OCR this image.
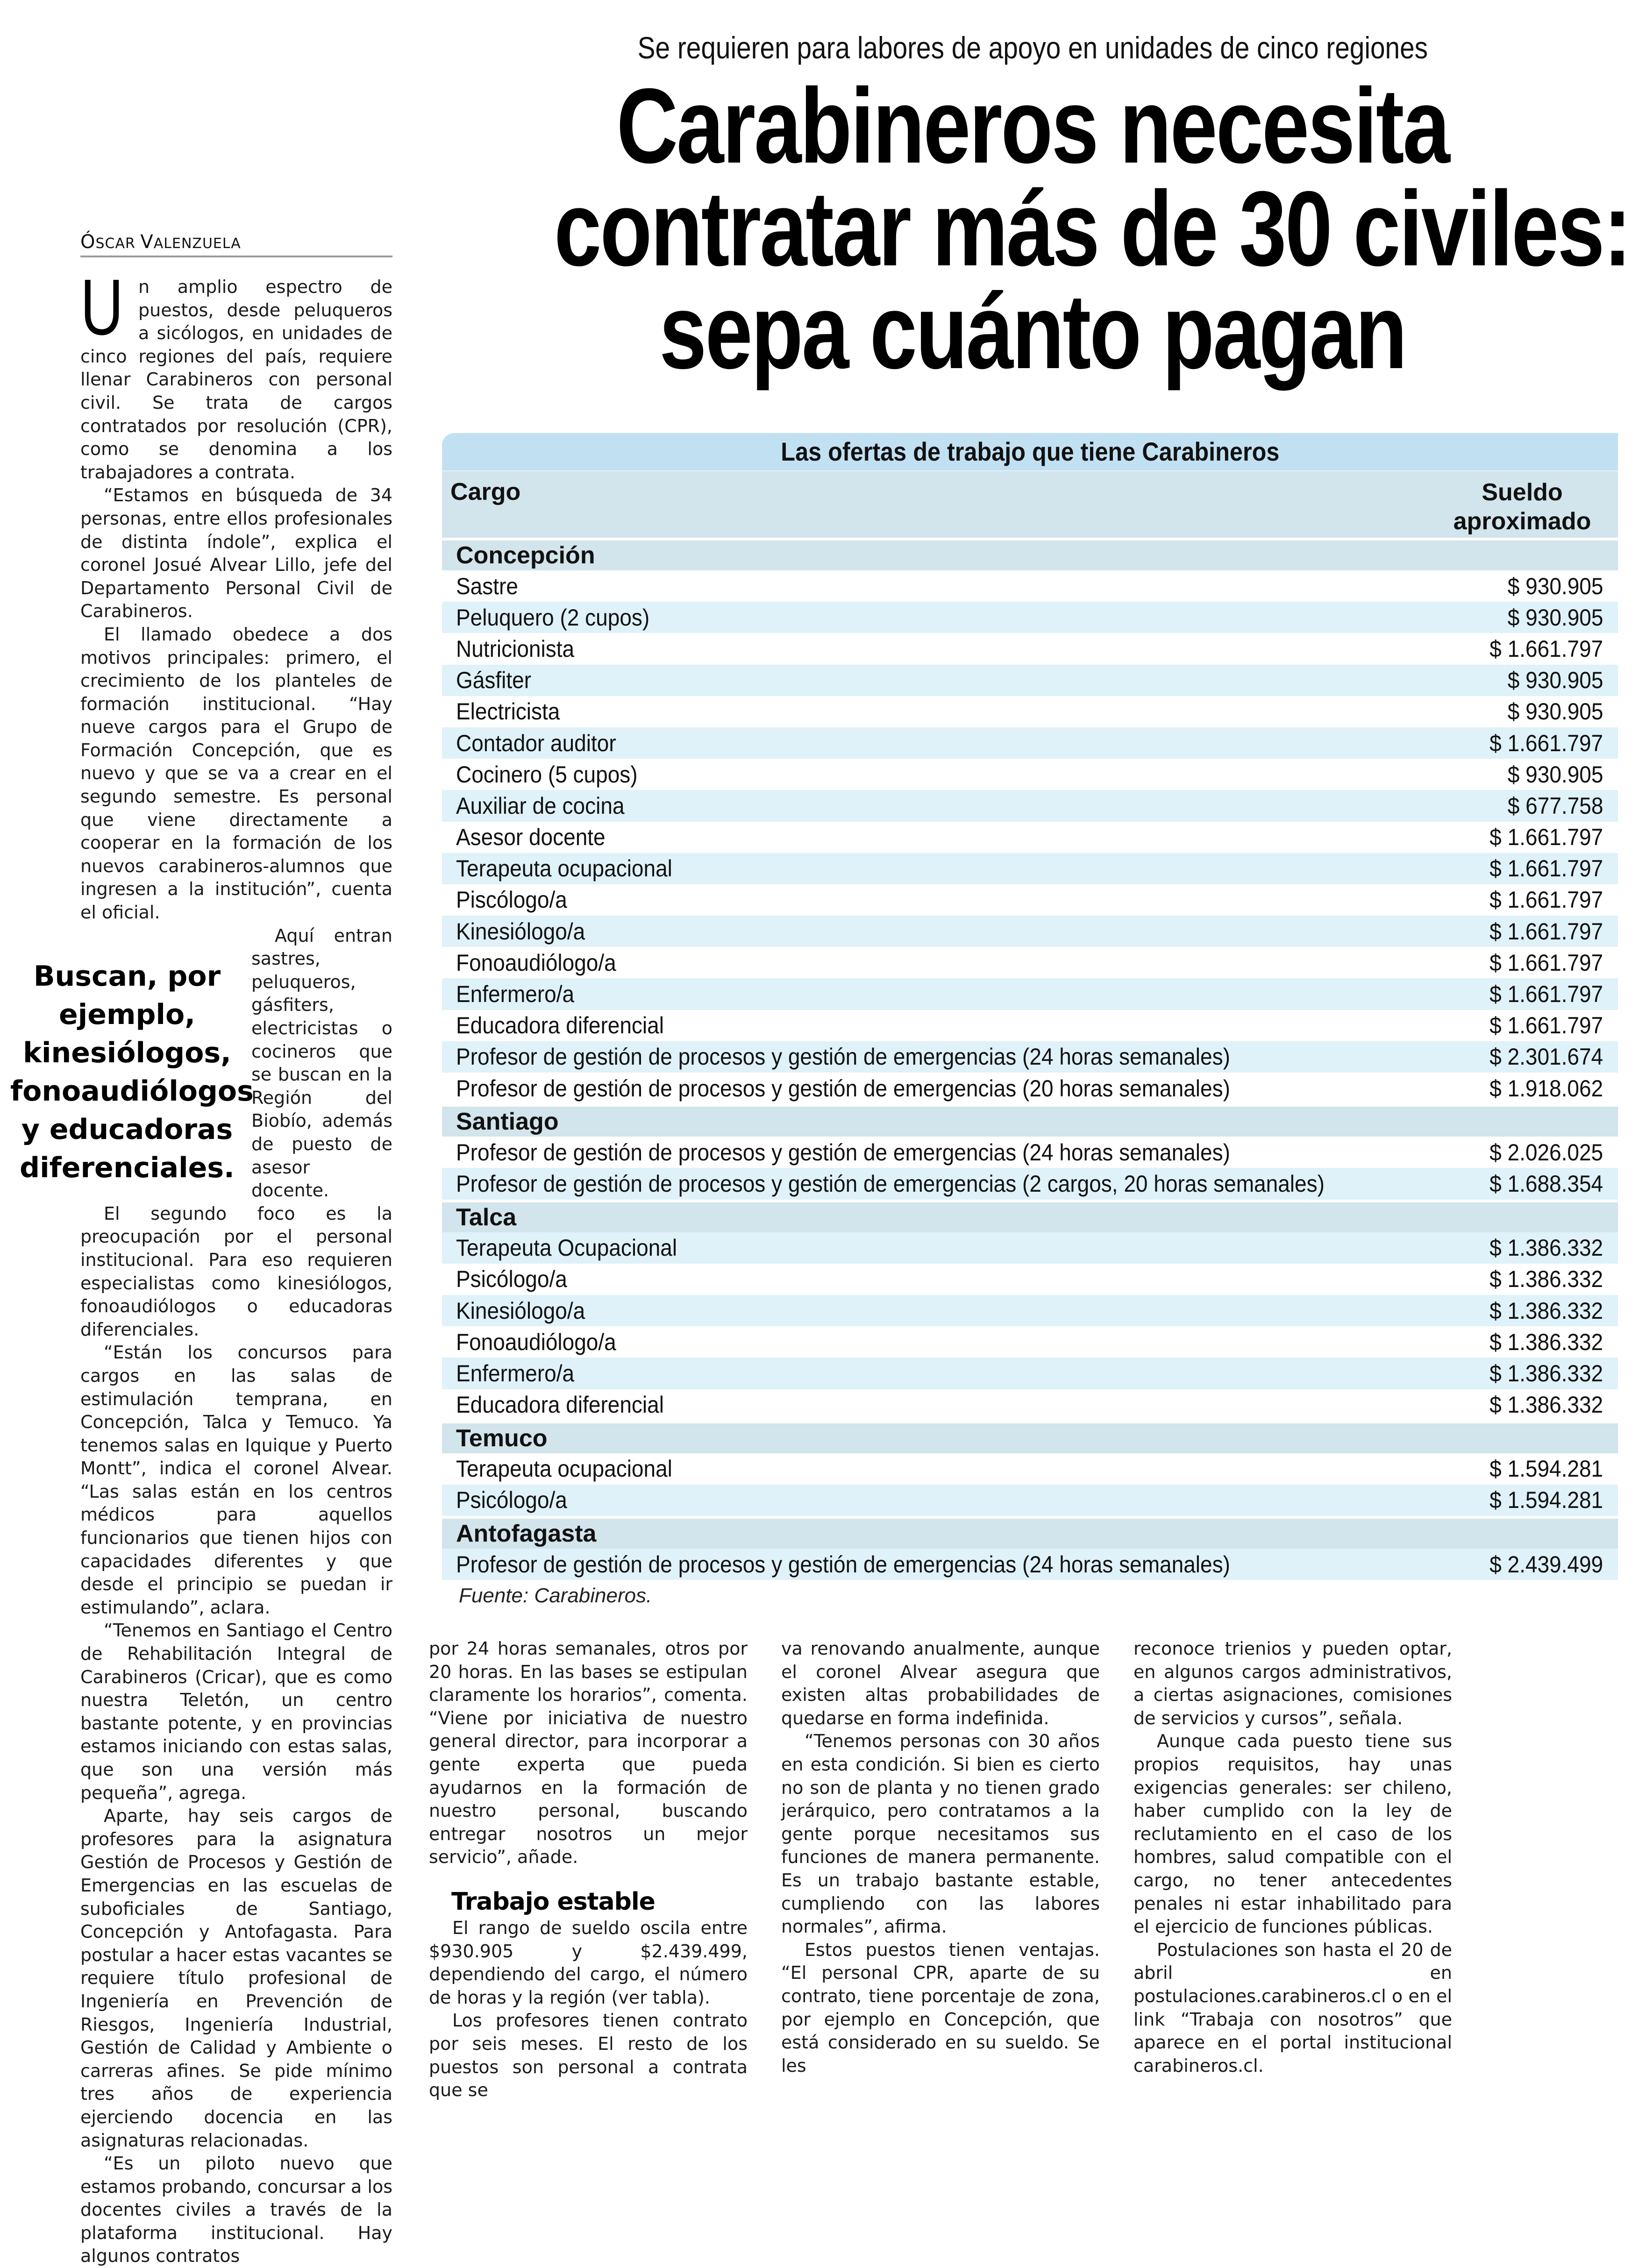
Se requieren para labores de apoyo en unidades de cinco regiones
Carabineros necesita
contratar más de 30 civiles:
sepa cuánto pagan
ÓSCAR VALENZUELA

Un amplio espectro de puestos, desde peluqueros a sicólogos, en unidades de cinco regiones del país, requiere llenar Carabineros con personal civil. Se trata de cargos contratados por resolución (CPR), como se denomina a los trabajadores a contrata.

“Estamos en búsqueda de 34 personas, entre ellos profesionales de distinta índole”, explica el coronel Josué Alvear Lillo, jefe del Departamento Personal Civil de Carabineros.

El llamado obedece a dos motivos principales: primero, el crecimiento de los planteles de formación institucional. “Hay nueve cargos para el Grupo de Formación Concepción, que es nuevo y que se va a crear en el segundo semestre. Es personal que viene directamente a cooperar en la formación de los nuevos carabineros-alumnos que ingresen a la institución”, cuenta el oficial.

Buscan, por ejemplo, kinesiólogos, fonoaudiólogos y educadoras diferenciales.
Aquí entran sastres, peluqueros, gásfiters, electricistas o cocineros que se buscan en la Región del Biobío, además de puesto de asesor docente.

El segundo foco es la preocupación por el personal institucional. Para eso requieren especialistas como kinesiólogos, fonoaudiólogos o educadoras diferenciales.

“Están los concursos para cargos en las salas de estimulación temprana, en Concepción, Talca y Temuco. Ya tenemos salas en Iquique y Puerto Montt”, indica el coronel Alvear. “Las salas están en los centros médicos para aquellos funcionarios que tienen hijos con capacidades diferentes y que desde el principio se puedan ir estimulando”, aclara.

“Tenemos en Santiago el Centro de Rehabilitación Integral de Carabineros (Cricar), que es como nuestra Teletón, un centro bastante potente, y en provincias estamos iniciando con estas salas, que son una versión más pequeña”, agrega.

Aparte, hay seis cargos de profesores para la asignatura Gestión de Procesos y Gestión de Emergencias en las escuelas de suboficiales de Santiago, Concepción y Antofagasta. Para postular a hacer estas vacantes se requiere título profesional de Ingeniería en Prevención de Riesgos, Ingeniería Industrial, Gestión de Calidad y Ambiente o carreras afines. Se pide mínimo tres años de experiencia ejerciendo docencia en las asignaturas relacionadas.

“Es un piloto nuevo que estamos probando, concursar a los docentes civiles a través de la plataforma institucional. Hay algunos contratos

Las ofertas de trabajo que tiene Carabineros
Cargo	Sueldo
aproximado
Concepción
Sastre	$ 930.905
Peluquero (2 cupos)	$ 930.905
Nutricionista	$ 1.661.797
Gásfiter	$ 930.905
Electricista	$ 930.905
Contador auditor	$ 1.661.797
Cocinero (5 cupos)	$ 930.905
Auxiliar de cocina	$ 677.758
Asesor docente	$ 1.661.797
Terapeuta ocupacional	$ 1.661.797
Piscólogo/a	$ 1.661.797
Kinesiólogo/a	$ 1.661.797
Fonoaudiólogo/a	$ 1.661.797
Enfermero/a	$ 1.661.797
Educadora diferencial	$ 1.661.797
Profesor de gestión de procesos y gestión de emergencias (24 horas semanales)	$ 2.301.674
Profesor de gestión de procesos y gestión de emergencias (20 horas semanales)	$ 1.918.062
Santiago
Profesor de gestión de procesos y gestión de emergencias (24 horas semanales)	$ 2.026.025
Profesor de gestión de procesos y gestión de emergencias (2 cargos, 20 horas semanales)	$ 1.688.354
Talca
Terapeuta Ocupacional	$ 1.386.332
Psicólogo/a	$ 1.386.332
Kinesiólogo/a	$ 1.386.332
Fonoaudiólogo/a	$ 1.386.332
Enfermero/a	$ 1.386.332
Educadora diferencial	$ 1.386.332
Temuco
Terapeuta ocupacional	$ 1.594.281
Psicólogo/a	$ 1.594.281
Antofagasta
Profesor de gestión de procesos y gestión de emergencias (24 horas semanales)	$ 2.439.499
Fuente: Carabineros.

por 24 horas semanales, otros por 20 horas. En las bases se estipulan claramente los horarios”, comenta. “Viene por iniciativa de nuestro general director, para incorporar a gente experta que pueda ayudarnos en la formación de nuestro personal, buscando entregar nosotros un mejor servicio”, añade.

Trabajo estable

El rango de sueldo oscila entre $930.905 y $2.439.499, dependiendo del cargo, el número de horas y la región (ver tabla).

Los profesores tienen contrato por seis meses. El resto de los puestos son personal a contrata que se

va renovando anualmente, aunque el coronel Alvear asegura que existen altas probabilidades de quedarse en forma indefinida.

“Tenemos personas con 30 años en esta condición. Si bien es cierto no son de planta y no tienen grado jerárquico, pero contratamos a la gente porque necesitamos sus funciones de manera permanente. Es un trabajo bastante estable, cumpliendo con las labores normales”, afirma.

Estos puestos tienen ventajas. “El personal CPR, aparte de su contrato, tiene porcentaje de zona, por ejemplo en Concepción, que está considerado en su sueldo. Se les

reconoce trienios y pueden optar, en algunos cargos administrativos, a ciertas asignaciones, comisiones de servicios y cursos”, señala.

Aunque cada puesto tiene sus propios requisitos, hay unas exigencias generales: ser chileno, haber cumplido con la ley de reclutamiento en el caso de los hombres, salud compatible con el cargo, no tener antecedentes penales ni estar inhabilitado para el ejercicio de funciones públicas.

Postulaciones son hasta el 20 de abril en postulaciones.carabineros.cl o en el link “Trabaja con nosotros” que aparece en el portal institucional carabineros.cl.
